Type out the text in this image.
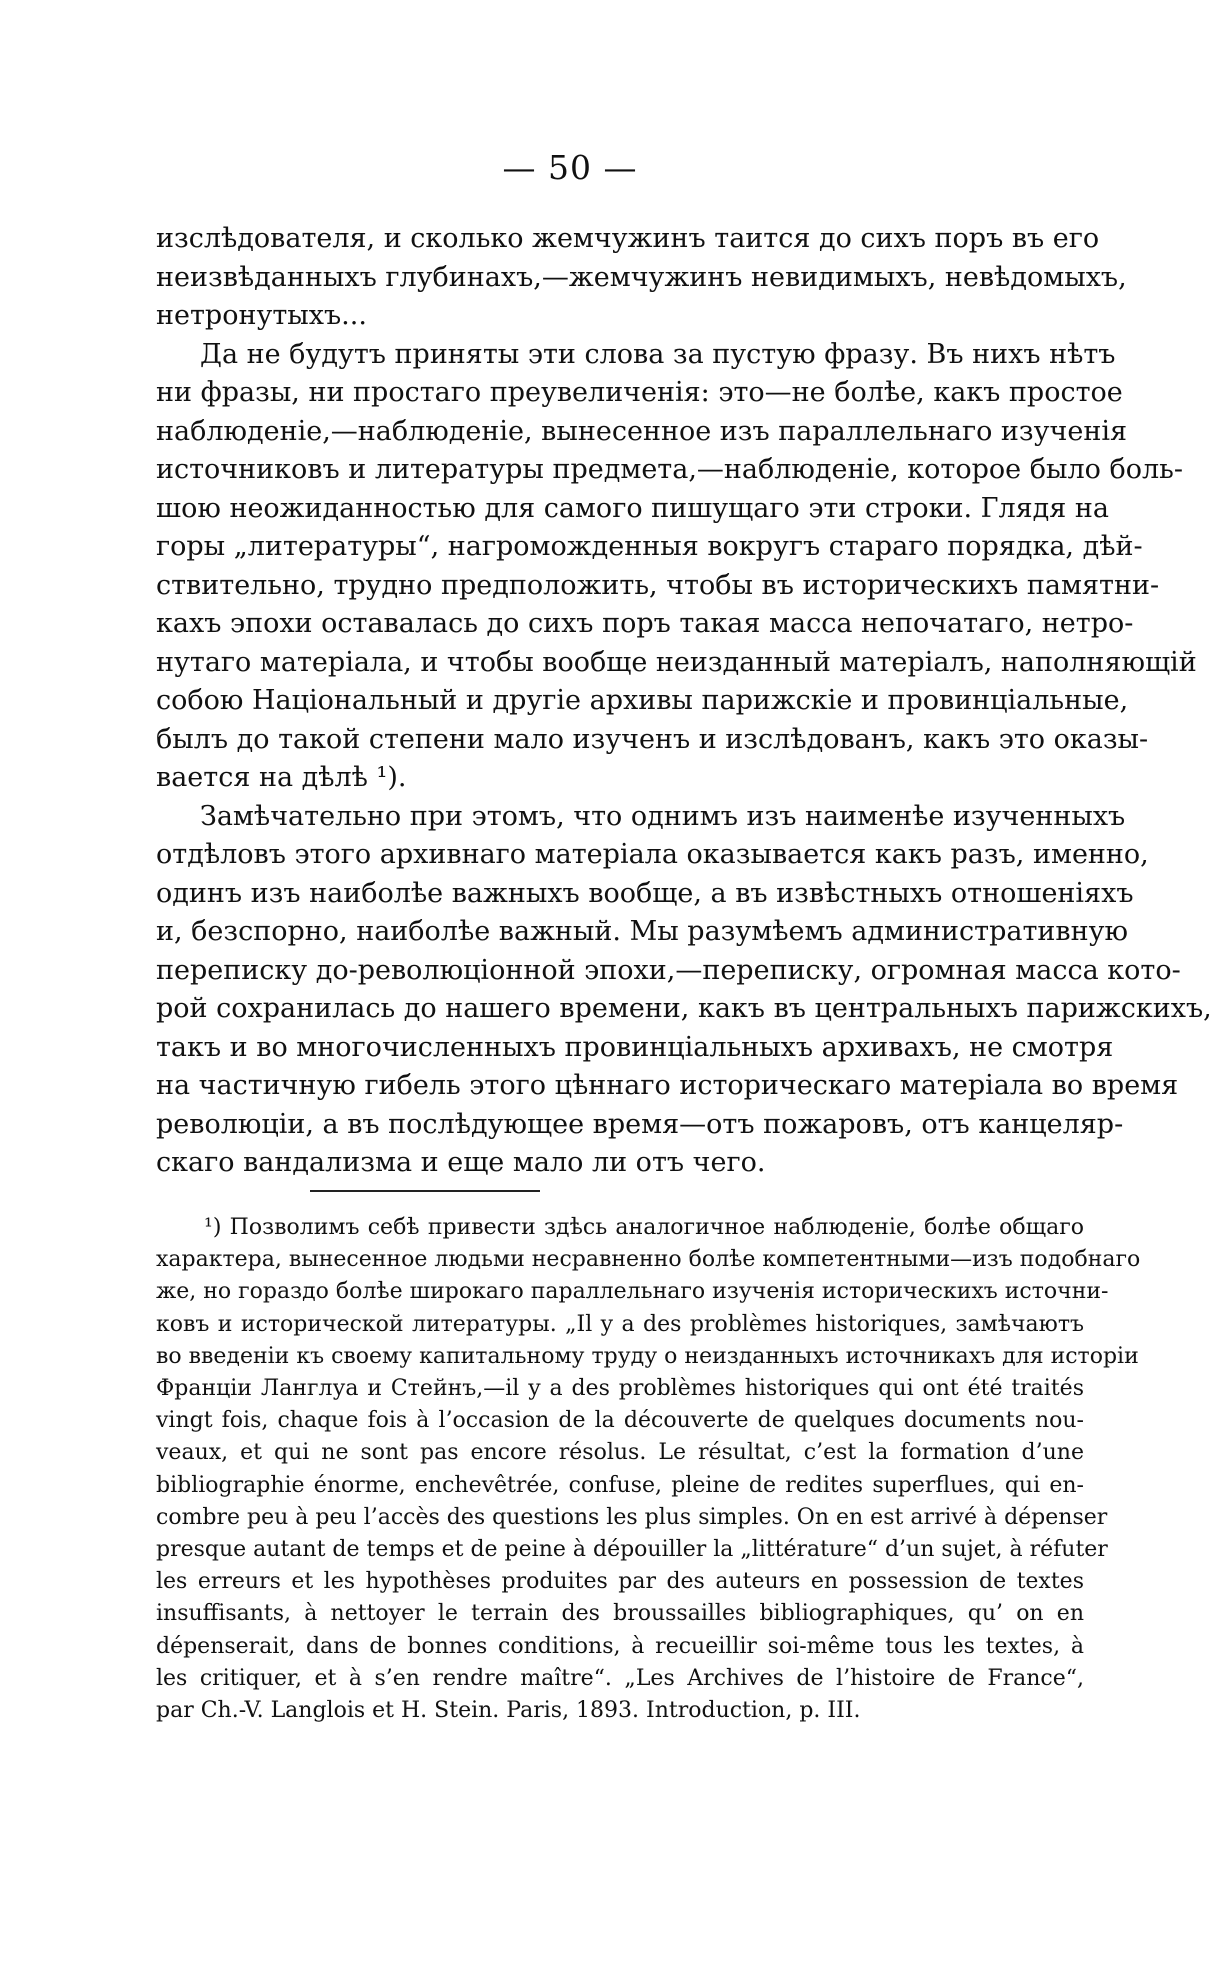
— 50 —
изслѣдователя, и сколько жемчужинъ таится до сихъ поръ въ его
неизвѣданныхъ глубинахъ,—жемчужинъ невидимыхъ, невѣдомыхъ,
нетронутыхъ...
Да не будутъ приняты эти слова за пустую фразу. Въ нихъ нѣтъ
ни фразы, ни простаго преувеличенія: это—не болѣе, какъ простое
наблюденіе,—наблюденіе, вынесенное изъ параллельнаго изученія
источниковъ и литературы предмета,—наблюденіе, которое было боль-
шою неожиданностью для самого пишущаго эти строки. Глядя на
горы „литературы“, нагроможденныя вокругъ стараго порядка, дѣй-
ствительно, трудно предположить, чтобы въ историческихъ памятни-
кахъ эпохи оставалась до сихъ поръ такая масса непочатаго, нетро-
нутаго матеріала, и чтобы вообще неизданный матеріалъ, наполняющій
собою Національный и другіе архивы парижскіе и провинціальные,
былъ до такой степени мало изученъ и изслѣдованъ, какъ это оказы-
вается на дѣлѣ ¹).
Замѣчательно при этомъ, что однимъ изъ наименѣе изученныхъ
отдѣловъ этого архивнаго матеріала оказывается какъ разъ, именно,
одинъ изъ наиболѣе важныхъ вообще, а въ извѣстныхъ отношеніяхъ
и, безспорно, наиболѣе важный. Мы разумѣемъ административную
переписку до-революціонной эпохи,—переписку, огромная масса кото-
рой сохранилась до нашего времени, какъ въ центральныхъ парижскихъ,
такъ и во многочисленныхъ провинціальныхъ архивахъ, не смотря
на частичную гибель этого цѣннаго историческаго матеріала во время
революціи, а въ послѣдующее время—отъ пожаровъ, отъ канцеляр-
скаго вандализма и еще мало ли отъ чего.
¹) Позволимъ себѣ привести здѣсь аналогичное наблюденіе, болѣе общаго
характера, вынесенное людьми несравненно болѣе компетентными—изъ подобнаго
же, но гораздо болѣе широкаго параллельнаго изученія историческихъ источни-
ковъ и исторической литературы. „Il y a des problèmes historiques, замѣчаютъ
во введеніи къ своему капитальному труду о неизданныхъ источникахъ для исторіи
Франціи Ланглуа и Стейнъ,—il y a des problèmes historiques qui ont été traités
vingt fois, chaque fois à l’occasion de la découverte de quelques documents nou-
veaux, et qui ne sont pas encore résolus. Le résultat, c’est la formation d’une
bibliographie énorme, enchevêtrée, confuse, pleine de redites superflues, qui en-
combre peu à peu l’accès des questions les plus simples. On en est arrivé à dépenser
presque autant de temps et de peine à dépouiller la „littérature“ d’un sujet, à réfuter
les erreurs et les hypothèses produites par des auteurs en possession de textes
insuffisants, à nettoyer le terrain des broussailles bibliographiques, qu’ on en
dépenserait, dans de bonnes conditions, à recueillir soi-même tous les textes, à
les critiquer, et à s’en rendre maître“. „Les Archives de l’histoire de France“,
par Ch.-V. Langlois et H. Stein. Paris, 1893. Introduction, p. III.
